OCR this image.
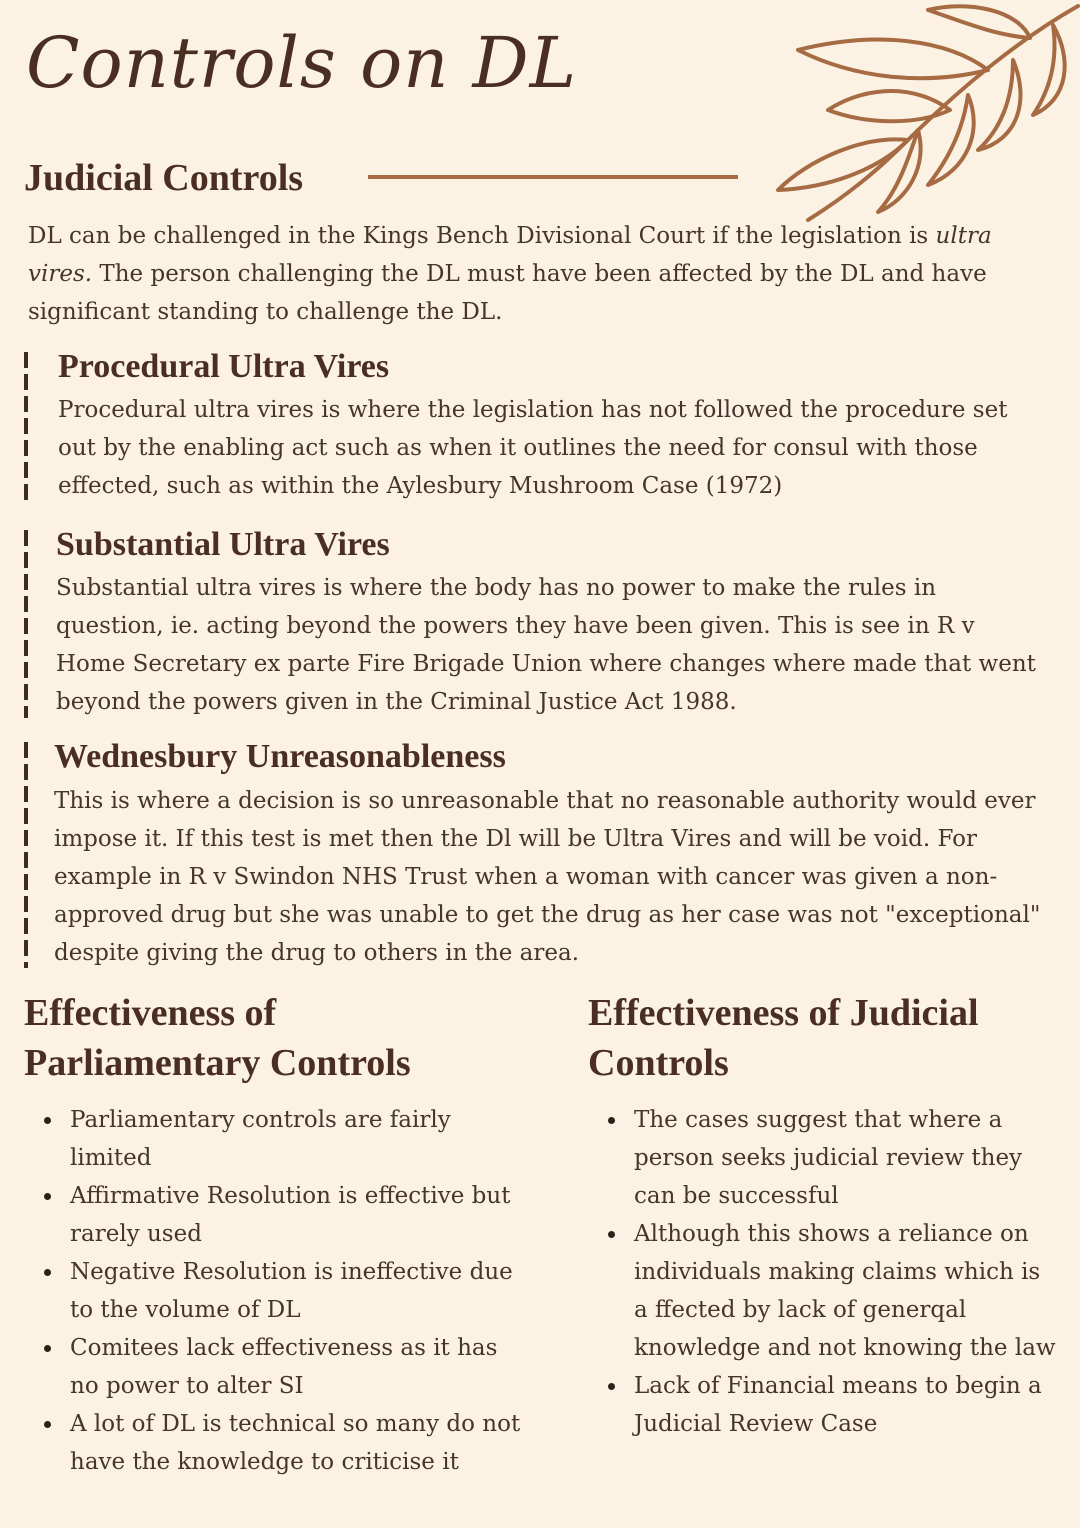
Controls on DL
Judicial Controls

DL can be challenged in the Kings Bench Divisional Court if the legislation is ultra vires. The person challenging the DL must have been affected by the DL and have significant standing to challenge the DL.

Procedural Ultra Vires

Procedural ultra vires is where the legislation has not followed the procedure set out by the enabling act such as when it outlines the need for consul with those effected, such as within the Aylesbury Mushroom Case (1972)

Substantial Ultra Vires

Substantial ultra vires is where the body has no power to make the rules in question, ie. acting beyond the powers they have been given. This is see in R v Home Secretary ex parte Fire Brigade Union where changes where made that went beyond the powers given in the Criminal Justice Act 1988.

Wednesbury Unreasonableness

This is where a decision is so unreasonable that no reasonable authority would ever impose it. If this test is met then the Dl will be Ultra Vires and will be void. For example in R v Swindon NHS Trust when a woman with cancer was given a non-approved drug but she was unable to get the drug as her case was not "exceptional" despite giving the drug to others in the area.

Effectiveness of
Parliamentary Controls
Parliamentary controls are fairly limited
Affirmative Resolution is effective but rarely used
Negative Resolution is ineffective due to the volume of DL
Comitees lack effectiveness as it has no power to alter SI
A lot of DL is technical so many do not have the knowledge to criticise it
Effectiveness of Judicial
Controls
The cases suggest that where a person seeks judicial review they can be successful
Although this shows a reliance on individuals making claims which is a ffected by lack of generqal knowledge and not knowing the law
Lack of Financial means to begin a Judicial Review Case
